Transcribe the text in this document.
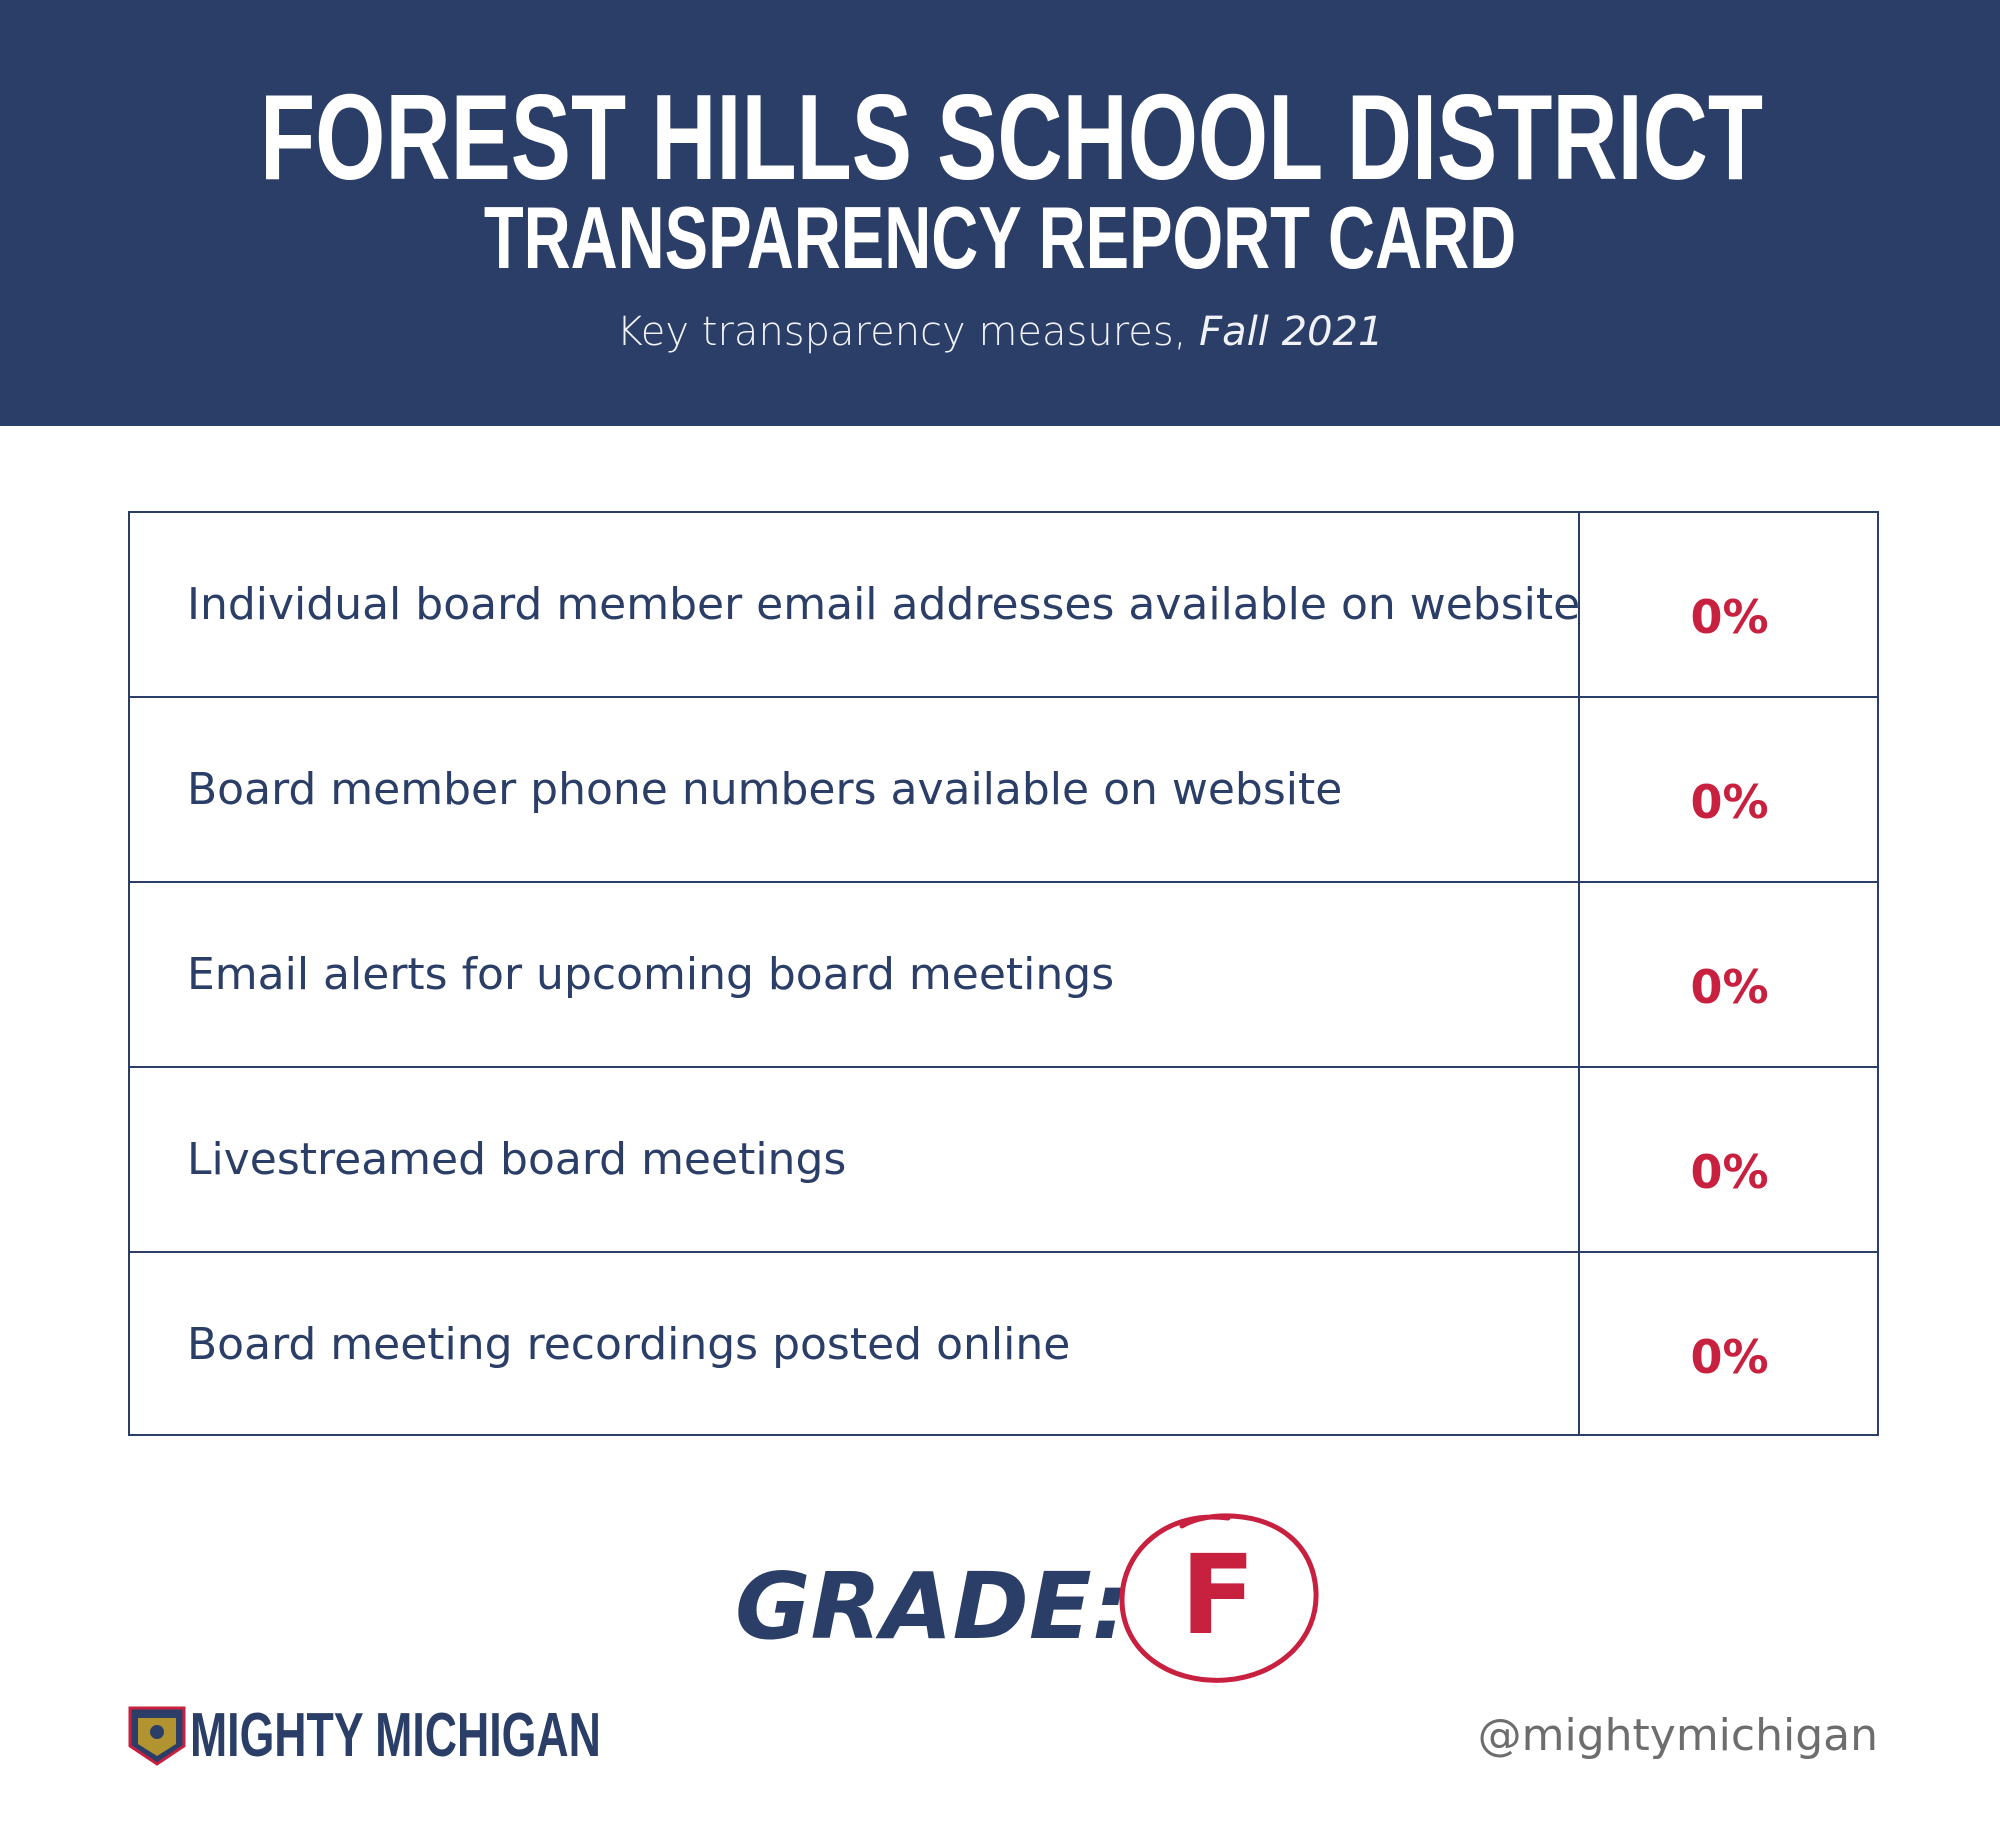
FOREST HILLS SCHOOL DISTRICT
TRANSPARENCY REPORT CARD
Key transparency measures, Fall 2021
Individual board member email addresses available on website	0%
Board member phone numbers available on website	0%
Email alerts for upcoming board meetings	0%
Livestreamed board meetings	0%
Board meeting recordings posted online	0%
GRADE: F
MIGHTY MICHIGAN	@mightymichigan
